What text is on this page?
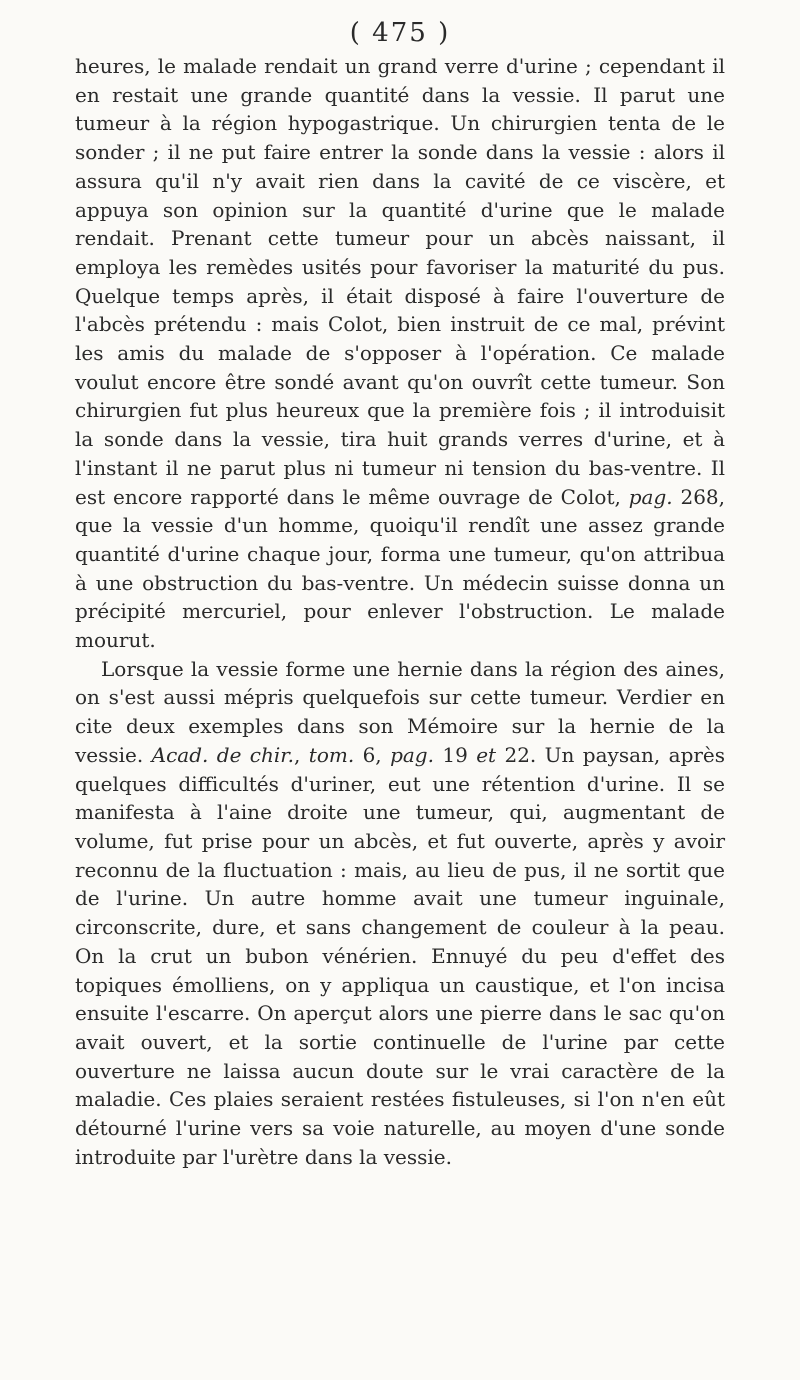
( 475 )

heures, le malade rendait un grand verre d'urine ; cependant il en restait une grande quantité dans la vessie. Il parut une tumeur à la région hypogastrique. Un chirurgien tenta de le sonder ; il ne put faire entrer la sonde dans la vessie : alors il assura qu'il n'y avait rien dans la cavité de ce viscère, et appuya son opinion sur la quantité d'urine que le malade rendait. Prenant cette tumeur pour un abcès naissant, il employa les remèdes usités pour favoriser la maturité du pus. Quelque temps après, il était disposé à faire l'ouverture de l'abcès prétendu : mais Colot, bien instruit de ce mal, prévint les amis du malade de s'opposer à l'opération. Ce malade voulut encore être sondé avant qu'on ouvrît cette tumeur. Son chirurgien fut plus heureux que la première fois ; il introduisit la sonde dans la vessie, tira huit grands verres d'urine, et à l'instant il ne parut plus ni tumeur ni tension du bas-ventre. Il est encore rapporté dans le même ouvrage de Colot, pag. 268, que la vessie d'un homme, quoiqu'il rendît une assez grande quantité d'urine chaque jour, forma une tumeur, qu'on attribua à une obstruction du bas-ventre. Un médecin suisse donna un précipité mercuriel, pour enlever l'obstruction. Le malade mourut.

Lorsque la vessie forme une hernie dans la région des aines, on s'est aussi mépris quelquefois sur cette tumeur. Verdier en cite deux exemples dans son Mémoire sur la hernie de la vessie. Acad. de chir., tom. 6, pag. 19 et 22. Un paysan, après quelques difficultés d'uriner, eut une rétention d'urine. Il se manifesta à l'aine droite une tumeur, qui, augmentant de volume, fut prise pour un abcès, et fut ouverte, après y avoir reconnu de la fluctuation : mais, au lieu de pus, il ne sortit que de l'urine. Un autre homme avait une tumeur inguinale, circonscrite, dure, et sans changement de couleur à la peau. On la crut un bubon vénérien. Ennuyé du peu d'effet des topiques émolliens, on y appliqua un caustique, et l'on incisa ensuite l'escarre. On aperçut alors une pierre dans le sac qu'on avait ouvert, et la sortie continuelle de l'urine par cette ouverture ne laissa aucun doute sur le vrai caractère de la maladie. Ces plaies seraient restées fistuleuses, si l'on n'en eût détourné l'urine vers sa voie naturelle, au moyen d'une sonde introduite par l'urètre dans la vessie.
